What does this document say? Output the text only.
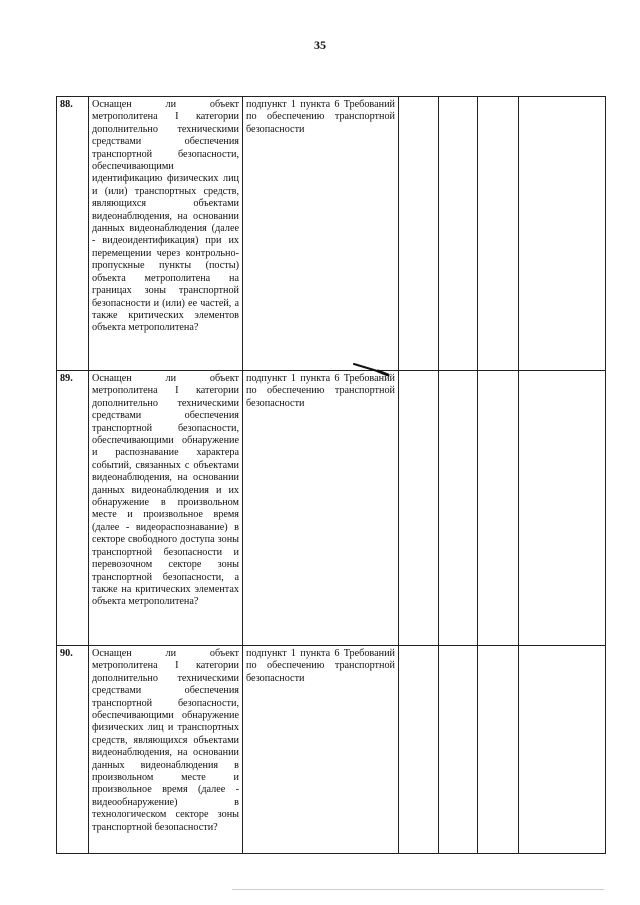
35
88.	Оснащен ли объект метрополитена I категории дополнительно техническими средствами обеспечения транспортной безопасности, обеспечивающими идентификацию физических лиц и (или) транспортных средств, являющихся объектами видеонаблюдения, на основании данных видеонаблюдения (далее - видеоидентификация) при их перемещении через контрольно-пропускные пункты (посты) объекта метрополитена на границах зоны транспортной безопасности и (или) ее частей, а также критических элементов объекта метрополитена?	подпункт 1 пункта 6 Требований по обеспечению транспортной безопасности				
89.	Оснащен ли объект метрополитена I категории дополнительно техническими средствами обеспечения транспортной безопасности, обеспечивающими обнаружение и распознавание характера событий, связанных с объектами видеонаблюдения, на основании данных видеонаблюдения и их обнаружение в произвольном месте и произвольное время (далее - видеораспознавание) в секторе свободного доступа зоны транспортной безопасности и перевозочном секторе зоны транспортной безопасности, а также на критических элементах объекта метрополитена?	подпункт 1 пункта 6 Требований по обеспечению транспортной безопасности				
90.	Оснащен ли объект метрополитена I категории дополнительно техническими средствами обеспечения транспортной безопасности, обеспечивающими обнаружение физических лиц и транспортных средств, являющихся объектами видеонаблюдения, на основании данных видеонаблюдения в произвольном месте и произвольное время (далее - видеообнаружение) в технологическом секторе зоны транспортной безопасности?	подпункт 1 пункта 6 Требований по обеспечению транспортной безопасности				
